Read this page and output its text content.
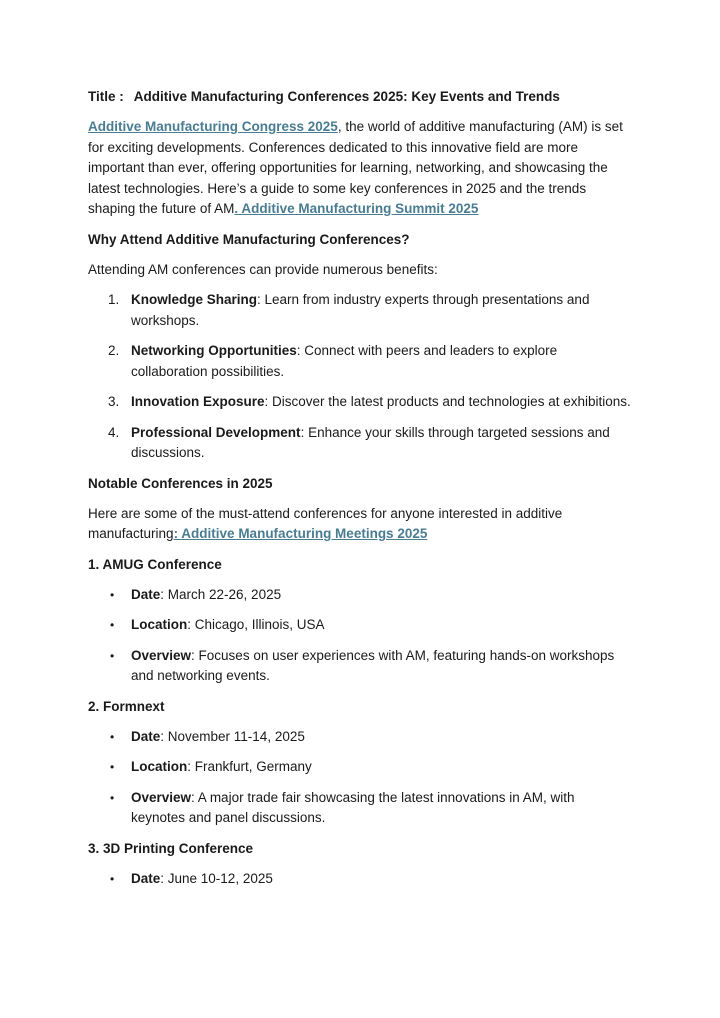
Title : Additive Manufacturing Conferences 2025: Key Events and Trends

Additive Manufacturing Congress 2025, the world of additive manufacturing (AM) is set for exciting developments. Conferences dedicated to this innovative field are more important than ever, offering opportunities for learning, networking, and showcasing the latest technologies. Here’s a guide to some key conferences in 2025 and the trends shaping the future of AM. Additive Manufacturing Summit 2025

Why Attend Additive Manufacturing Conferences?

Attending AM conferences can provide numerous benefits:

1. Knowledge Sharing: Learn from industry experts through presentations and workshops.
2. Networking Opportunities: Connect with peers and leaders to explore collaboration possibilities.
3. Innovation Exposure: Discover the latest products and technologies at exhibitions.
4. Professional Development: Enhance your skills through targeted sessions and discussions.

Notable Conferences in 2025

Here are some of the must-attend conferences for anyone interested in additive manufacturing: Additive Manufacturing Meetings 2025

1. AMUG Conference

• Date: March 22-26, 2025
• Location: Chicago, Illinois, USA
• Overview: Focuses on user experiences with AM, featuring hands-on workshops and networking events.

2. Formnext

• Date: November 11-14, 2025
• Location: Frankfurt, Germany
• Overview: A major trade fair showcasing the latest innovations in AM, with keynotes and panel discussions.

3. 3D Printing Conference

• Date: June 10-12, 2025
